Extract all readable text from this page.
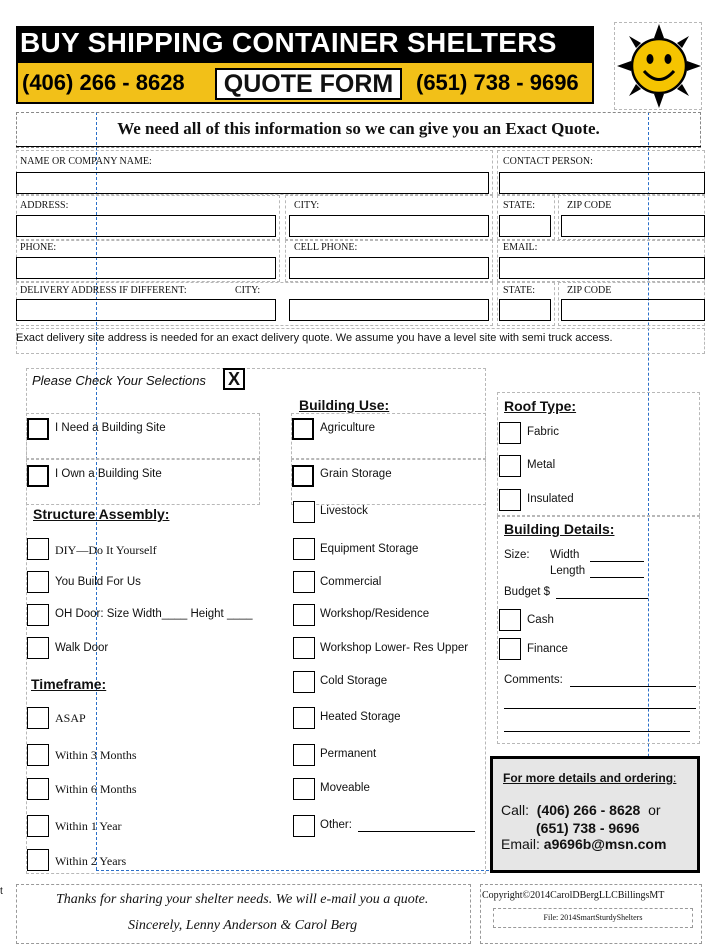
BUY SHIPPING CONTAINER SHELTERS
(406) 266 - 8628	QUOTE FORM	(651) 738 - 9696
We need all of this information so we can give you an Exact Quote.
NAME OR COMPANY NAME:	CONTACT PERSON:
ADDRESS:	CITY:	STATE:	ZIP CODE
PHONE:	CELL PHONE:	EMAIL:
DELIVERY ADDRESS IF DIFFERENT:	CITY:	STATE:	ZIP CODE
Exact delivery site address is needed for an exact delivery quote. We assume you have a level site with semi truck access.
Please Check Your Selections X
I Need a Building Site
I Own a Building Site
Structure Assembly:
DIY—Do It Yourself
You Build For Us
OH Door: Size Width____ Height ____
Walk Door
Timeframe:
ASAP
Within 3 Months
Within 6 Months
Within 1 Year
Within 2 Years
Building Use:
Agriculture
Grain Storage
Livestock
Equipment Storage
Commercial
Workshop/Residence
Workshop Lower- Res Upper
Cold Storage
Heated Storage
Permanent
Moveable
Other:
Roof Type:
Fabric
Metal
Insulated
Building Details:
Size: Width
Length
Budget $
Cash
Finance
Comments:
For more details and ordering:
Call: (406) 266 - 8628 or
(651) 738 - 9696
Email: a9696b@msn.com
t
Thanks for sharing your shelter needs. We will e-mail you a quote.
Sincerely, Lenny Anderson & Carol Berg
Copyright©2014CarolDBergLLCBillingsMT
File: 2014SmartSturdyShelters
